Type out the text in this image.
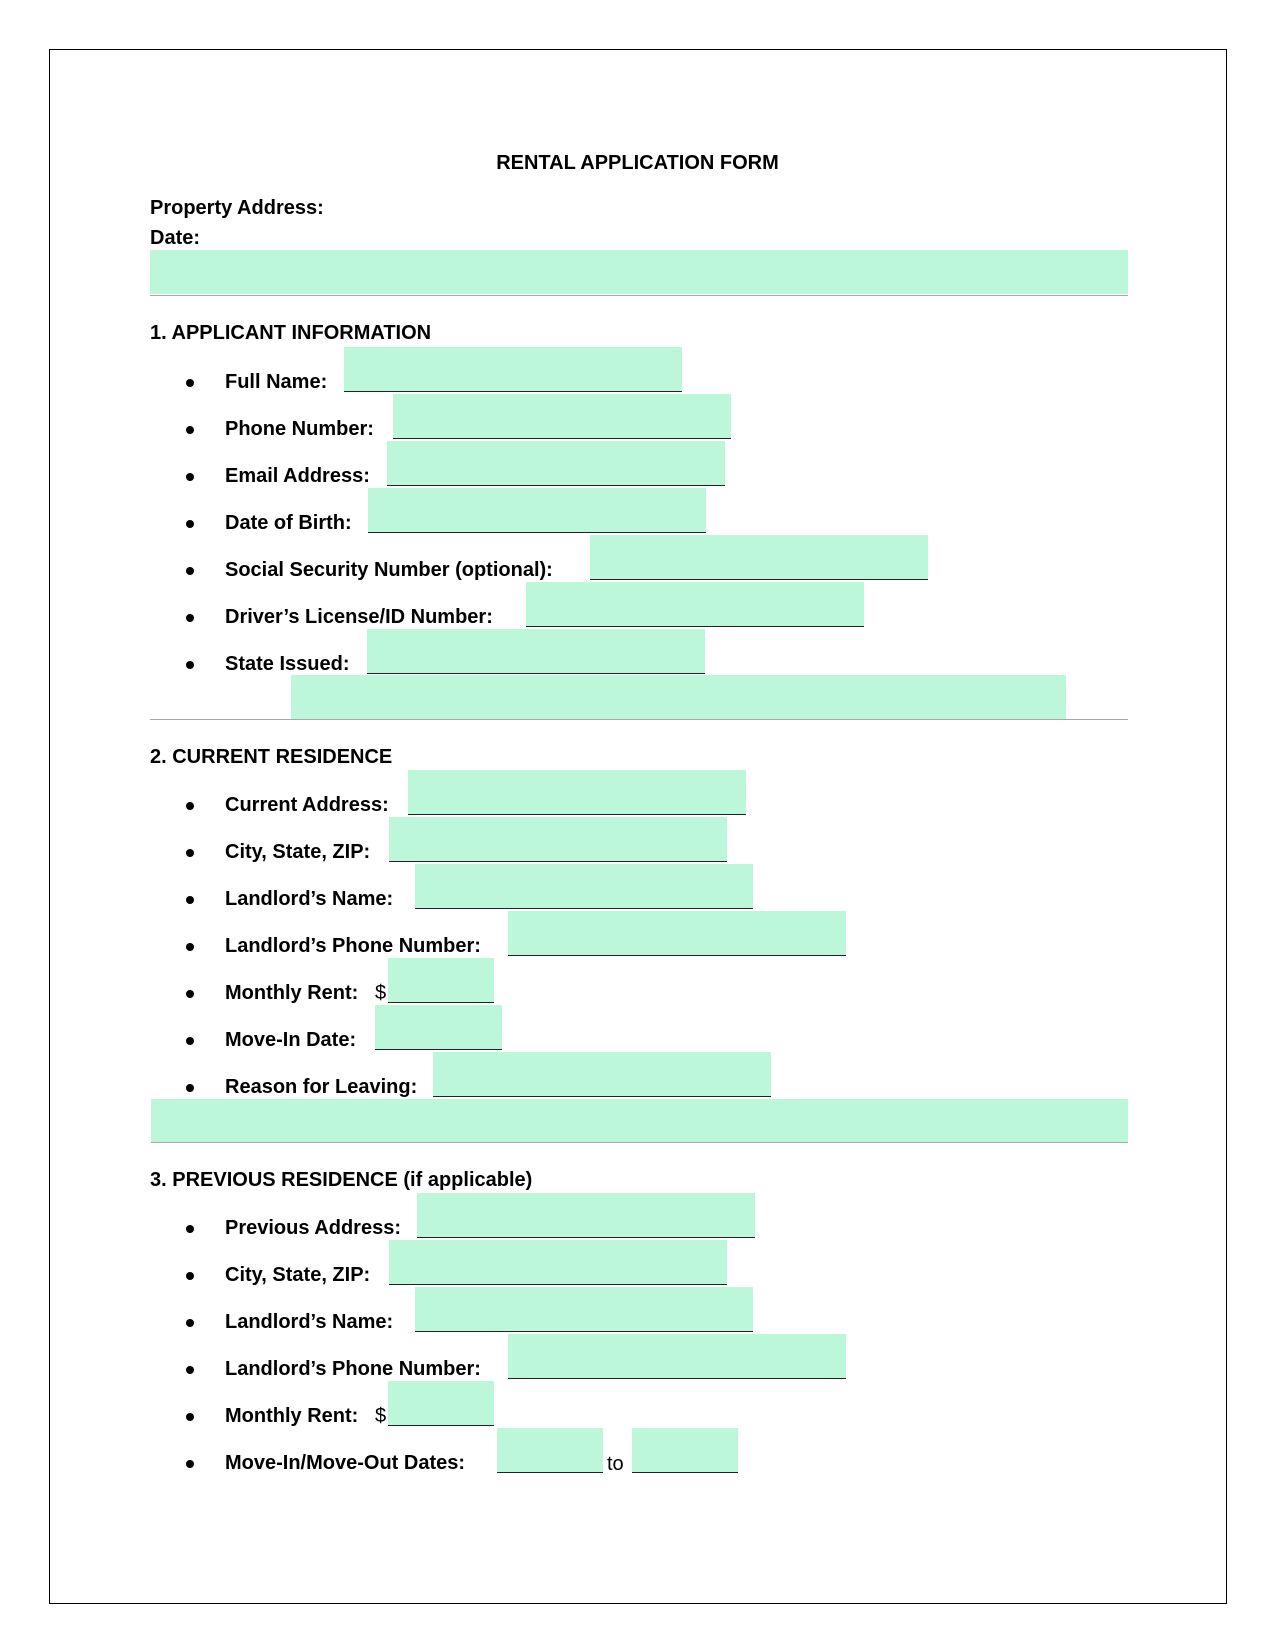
RENTAL APPLICATION FORM
Property Address:
Date:
1. APPLICANT INFORMATION
Full Name:
Phone Number:
Email Address:
Date of Birth:
Social Security Number (optional):
Driver’s License/ID Number:
State Issued:
2. CURRENT RESIDENCE
Current Address:
City, State, ZIP:
Landlord’s Name:
Landlord’s Phone Number:
Monthly Rent: $
Move-In Date:
Reason for Leaving:
3. PREVIOUS RESIDENCE (if applicable)
Previous Address:
City, State, ZIP:
Landlord’s Name:
Landlord’s Phone Number:
Monthly Rent: $
Move-In/Move-Out Dates:	to
